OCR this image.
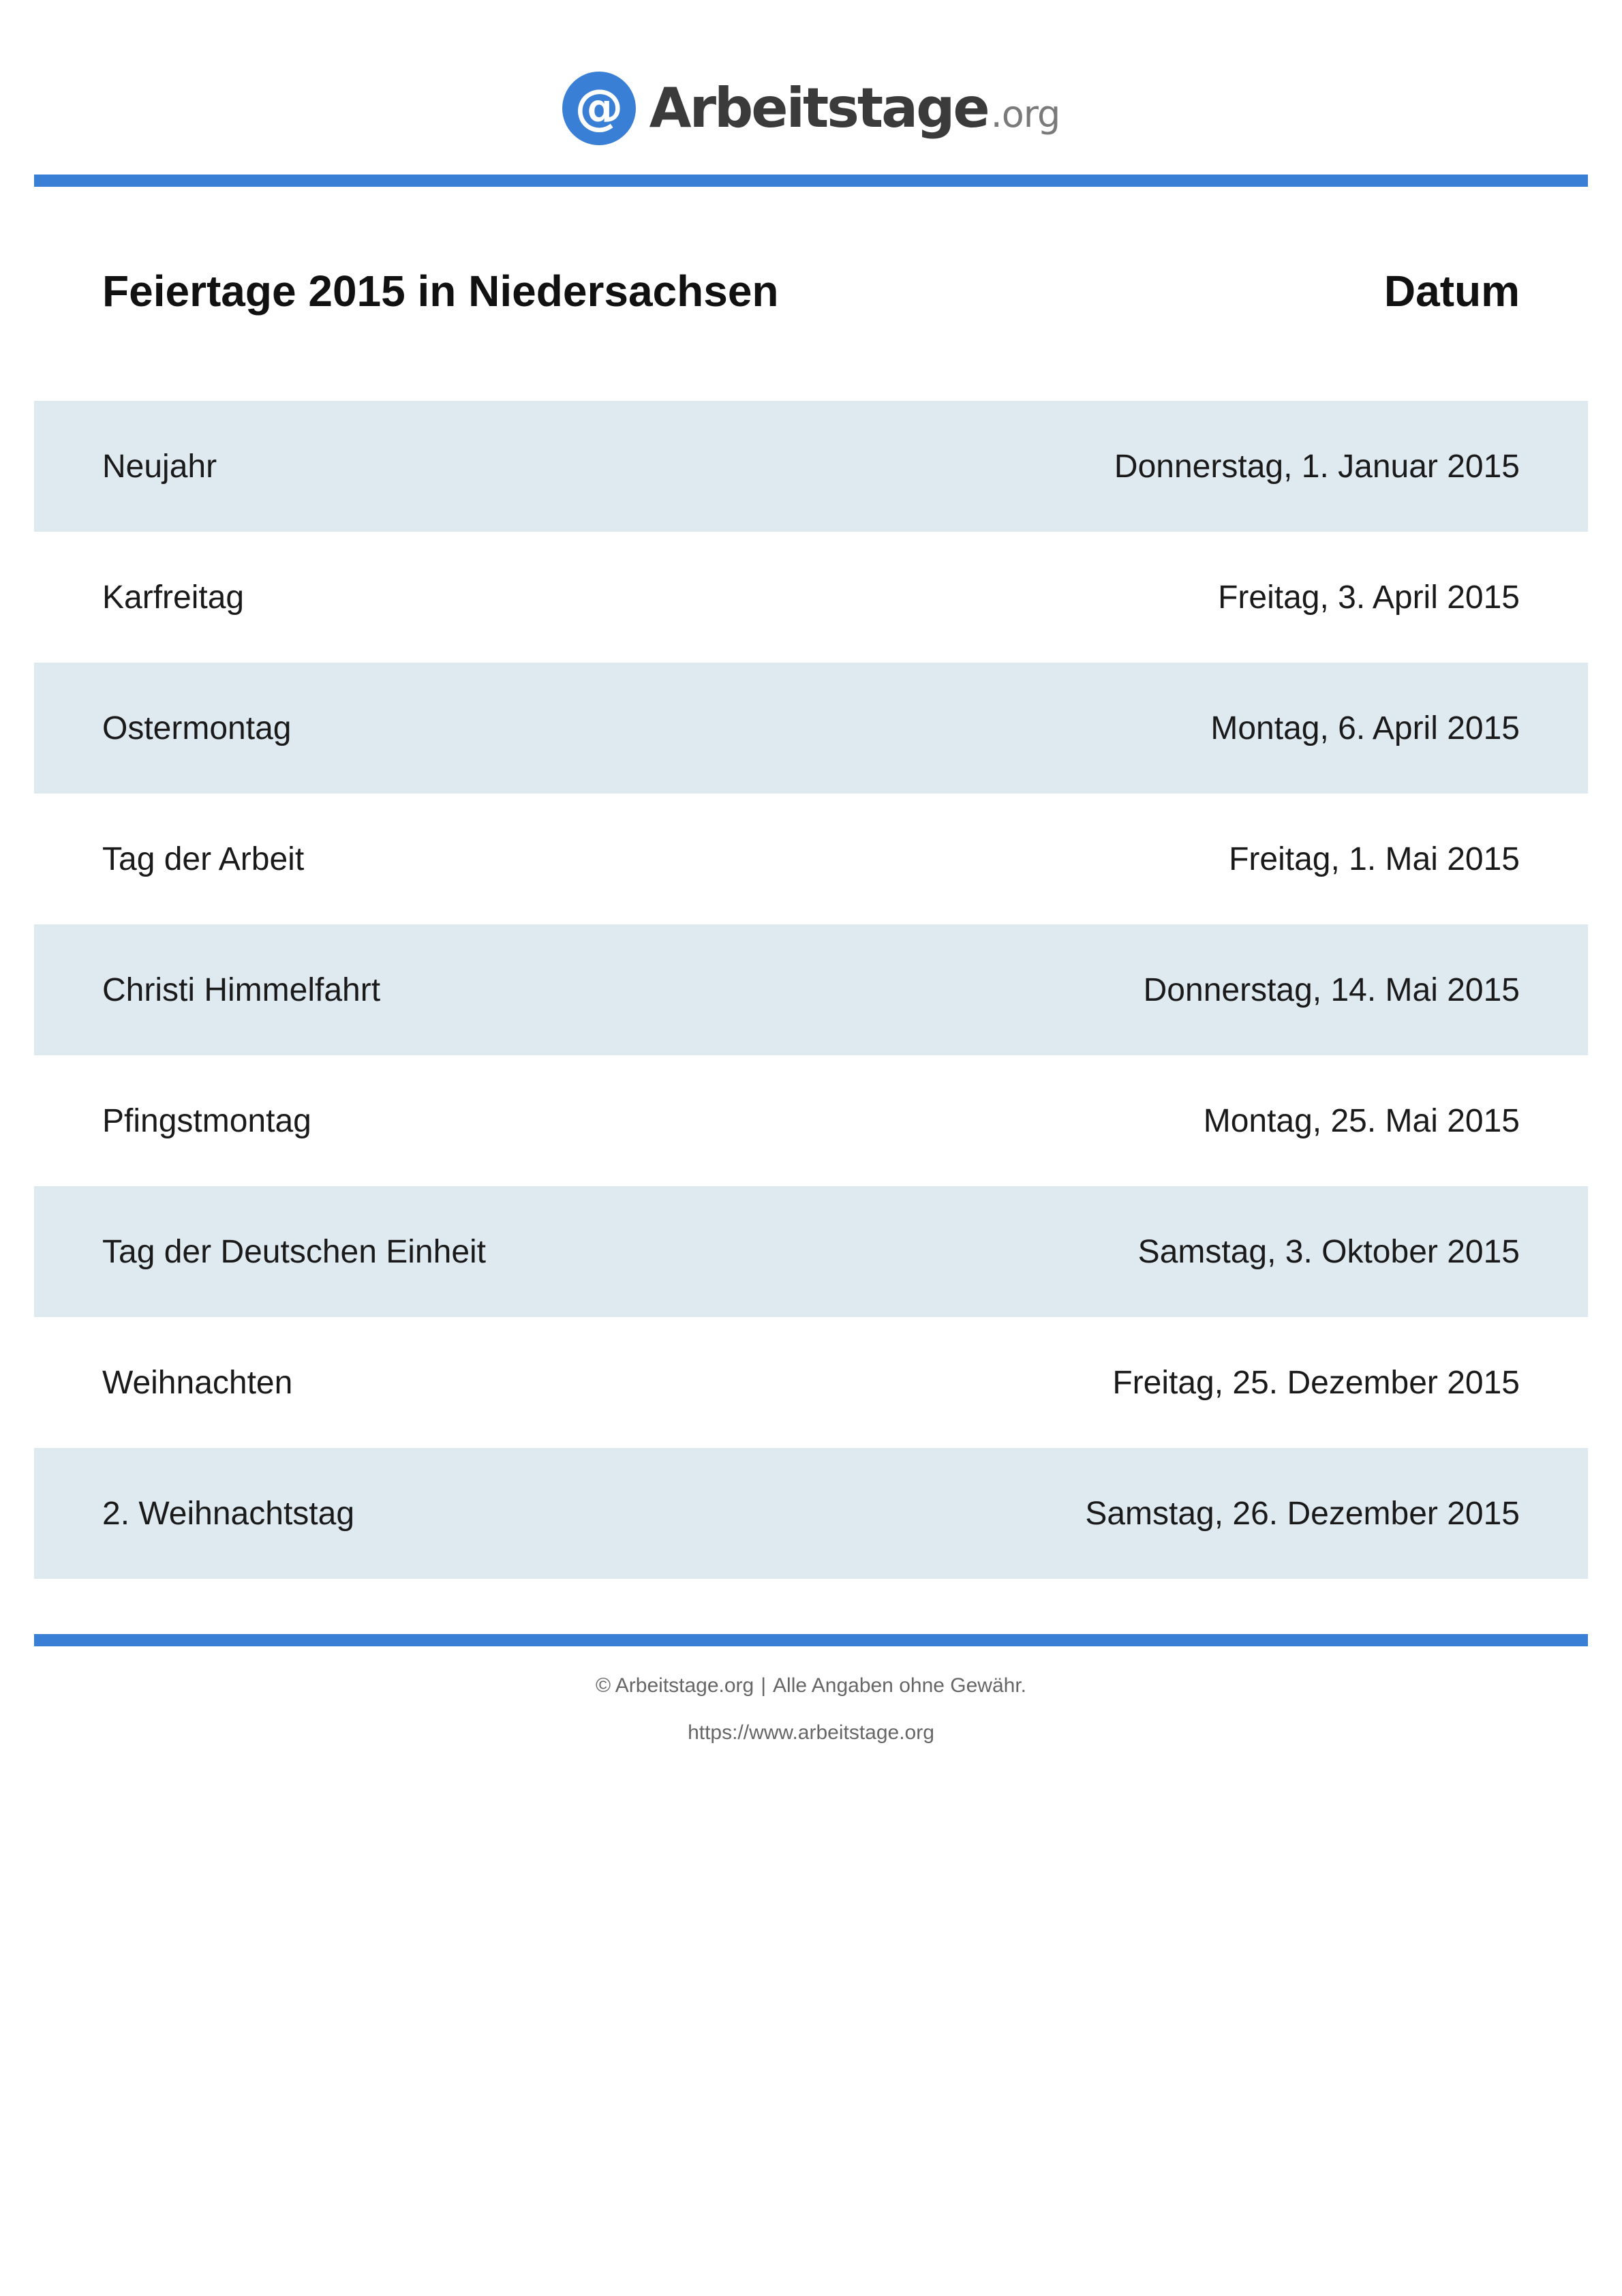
@ Arbeitstage.org
Feiertage 2015 in Niedersachsen	Datum
Neujahr	Donnerstag, 1. Januar 2015
Karfreitag	Freitag, 3. April 2015
Ostermontag	Montag, 6. April 2015
Tag der Arbeit	Freitag, 1. Mai 2015
Christi Himmelfahrt	Donnerstag, 14. Mai 2015
Pfingstmontag	Montag, 25. Mai 2015
Tag der Deutschen Einheit	Samstag, 3. Oktober 2015
Weihnachten	Freitag, 25. Dezember 2015
2. Weihnachtstag	Samstag, 26. Dezember 2015
© Arbeitstage.org | Alle Angaben ohne Gewähr.
https://www.arbeitstage.org
